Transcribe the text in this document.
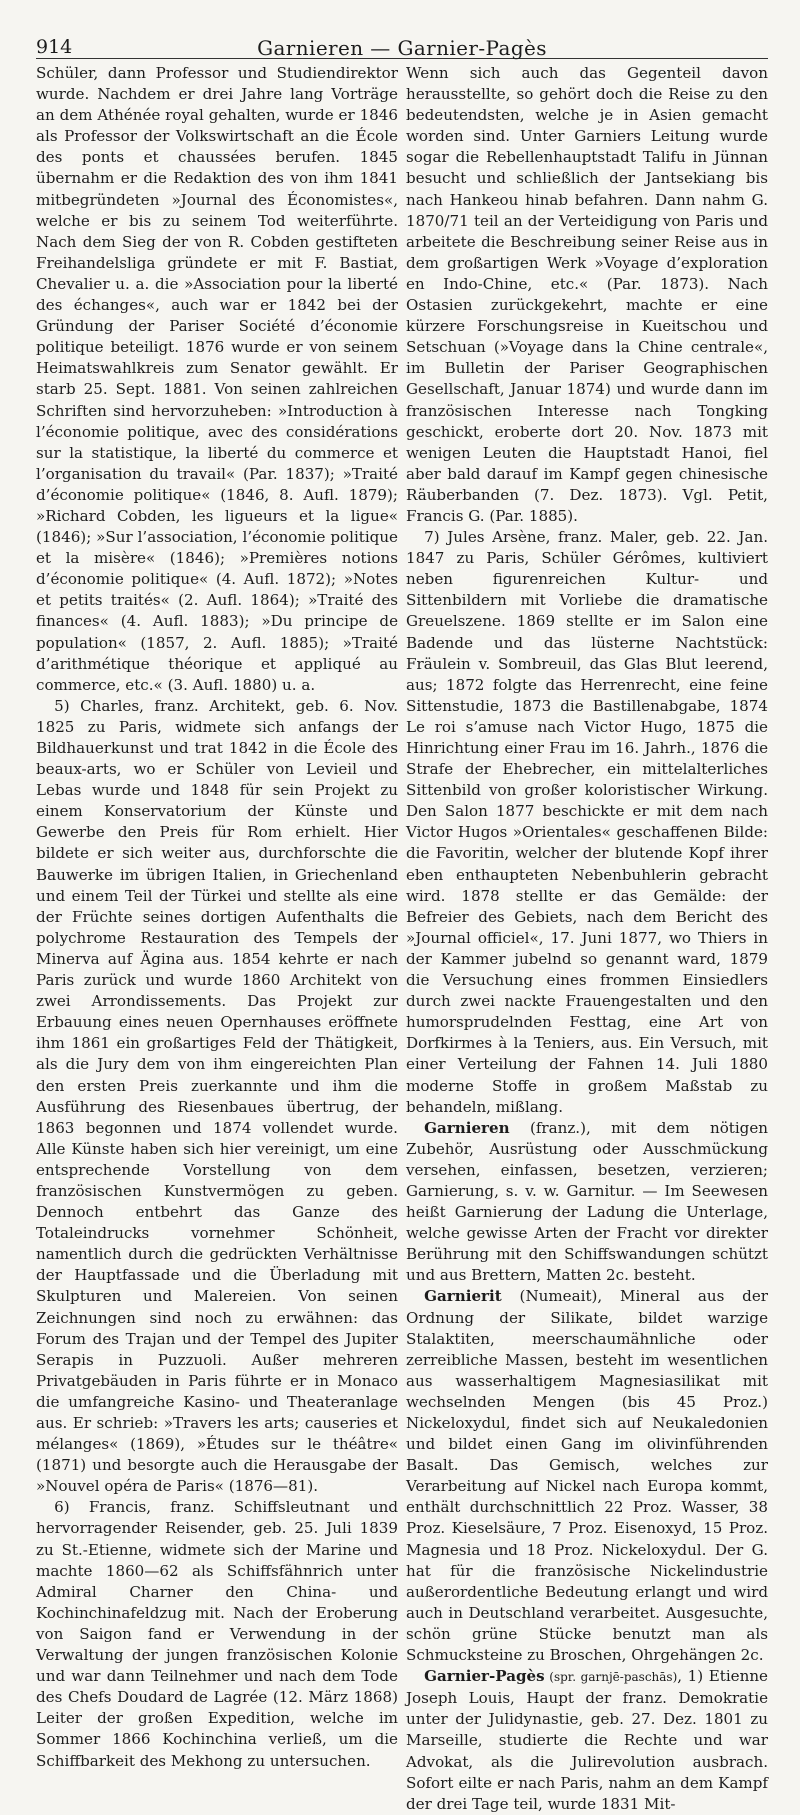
914	Garnieren — Garnier-Pagès

Schüler, dann Professor und Studiendirektor wurde. Nachdem er drei Jahre lang Vorträge an dem Athénée royal gehalten, wurde er 1846 als Professor der Volkswirtschaft an die École des ponts et chaussées berufen. 1845 übernahm er die Redaktion des von ihm 1841 mitbegründeten »Journal des Économistes«, welche er bis zu seinem Tod weiterführte. Nach dem Sieg der von R. Cobden gestifteten Freihandelsliga gründete er mit F. Bastiat, Chevalier u. a. die »Association pour la liberté des échanges«, auch war er 1842 bei der Gründung der Pariser Société d’économie politique beteiligt. 1876 wurde er von seinem Heimatswahlkreis zum Senator gewählt. Er starb 25. Sept. 1881. Von seinen zahlreichen Schriften sind hervorzuheben: »Introduction à l’économie politique, avec des considérations sur la statistique, la liberté du commerce et l’organisation du travail« (Par. 1837); »Traité d’économie politique« (1846, 8. Aufl. 1879); »Richard Cobden, les ligueurs et la ligue« (1846); »Sur l’association, l’économie politique et la misère« (1846); »Premières notions d’économie politique« (4. Aufl. 1872); »Notes et petits traités« (2. Aufl. 1864); »Traité des finances« (4. Aufl. 1883); »Du principe de population« (1857, 2. Aufl. 1885); »Traité d’arithmétique théorique et appliqué au commerce, etc.« (3. Aufl. 1880) u. a.

5) Charles, franz. Architekt, geb. 6. Nov. 1825 zu Paris, widmete sich anfangs der Bildhauerkunst und trat 1842 in die École des beaux-arts, wo er Schüler von Levieil und Lebas wurde und 1848 für sein Projekt zu einem Konservatorium der Künste und Gewerbe den Preis für Rom erhielt. Hier bildete er sich weiter aus, durchforschte die Bauwerke im übrigen Italien, in Griechenland und einem Teil der Türkei und stellte als eine der Früchte seines dortigen Aufenthalts die polychrome Restauration des Tempels der Minerva auf Ägina aus. 1854 kehrte er nach Paris zurück und wurde 1860 Architekt von zwei Arrondissements. Das Projekt zur Erbauung eines neuen Opernhauses eröffnete ihm 1861 ein großartiges Feld der Thätigkeit, als die Jury dem von ihm eingereichten Plan den ersten Preis zuerkannte und ihm die Ausführung des Riesenbaues übertrug, der 1863 begonnen und 1874 vollendet wurde. Alle Künste haben sich hier vereinigt, um eine entsprechende Vorstellung von dem französischen Kunstvermögen zu geben. Dennoch entbehrt das Ganze des Totaleindrucks vornehmer Schönheit, namentlich durch die gedrückten Verhältnisse der Hauptfassade und die Überladung mit Skulpturen und Malereien. Von seinen Zeichnungen sind noch zu erwähnen: das Forum des Trajan und der Tempel des Jupiter Serapis in Puzzuoli. Außer mehreren Privatgebäuden in Paris führte er in Monaco die umfangreiche Kasino- und Theateranlage aus. Er schrieb: »Travers les arts; causeries et mélanges« (1869), »Études sur le théâtre« (1871) und besorgte auch die Herausgabe der »Nouvel opéra de Paris« (1876—81).

6) Francis, franz. Schiffsleutnant und hervorragender Reisender, geb. 25. Juli 1839 zu St.-Etienne, widmete sich der Marine und machte 1860—62 als Schiffsfähnrich unter Admiral Charner den China- und Kochinchinafeldzug mit. Nach der Eroberung von Saigon fand er Verwendung in der Verwaltung der jungen französischen Kolonie und war dann Teilnehmer und nach dem Tode des Chefs Doudard de Lagrée (12. März 1868) Leiter der großen Expedition, welche im Sommer 1866 Kochinchina verließ, um die Schiffbarkeit des Mekhong zu untersuchen.

Wenn sich auch das Gegenteil davon herausstellte, so gehört doch die Reise zu den bedeutendsten, welche je in Asien gemacht worden sind. Unter Garniers Leitung wurde sogar die Rebellenhauptstadt Talifu in Jünnan besucht und schließlich der Jantsekiang bis nach Hankeou hinab befahren. Dann nahm G. 1870/71 teil an der Verteidigung von Paris und arbeitete die Beschreibung seiner Reise aus in dem großartigen Werk »Voyage d’exploration en Indo-Chine, etc.« (Par. 1873). Nach Ostasien zurückgekehrt, machte er eine kürzere Forschungsreise in Kueitschou und Setschuan (»Voyage dans la Chine centrale«, im Bulletin der Pariser Geographischen Gesellschaft, Januar 1874) und wurde dann im französischen Interesse nach Tongking geschickt, eroberte dort 20. Nov. 1873 mit wenigen Leuten die Hauptstadt Hanoi, fiel aber bald darauf im Kampf gegen chinesische Räuberbanden (7. Dez. 1873). Vgl. Petit, Francis G. (Par. 1885).

7) Jules Arsène, franz. Maler, geb. 22. Jan. 1847 zu Paris, Schüler Gérômes, kultiviert neben figurenreichen Kultur- und Sittenbildern mit Vorliebe die dramatische Greuelszene. 1869 stellte er im Salon eine Badende und das lüsterne Nachtstück: Fräulein v. Sombreuil, das Glas Blut leerend, aus; 1872 folgte das Herrenrecht, eine feine Sittenstudie, 1873 die Bastillenabgabe, 1874 Le roi s’amuse nach Victor Hugo, 1875 die Hinrichtung einer Frau im 16. Jahrh., 1876 die Strafe der Ehebrecher, ein mittelalterliches Sittenbild von großer koloristischer Wirkung. Den Salon 1877 beschickte er mit dem nach Victor Hugos »Orientales« geschaffenen Bilde: die Favoritin, welcher der blutende Kopf ihrer eben enthaupteten Nebenbuhlerin gebracht wird. 1878 stellte er das Gemälde: der Befreier des Gebiets, nach dem Bericht des »Journal officiel«, 17. Juni 1877, wo Thiers in der Kammer jubelnd so genannt ward, 1879 die Versuchung eines frommen Einsiedlers durch zwei nackte Frauengestalten und den humorsprudelnden Festtag, eine Art von Dorfkirmes à la Teniers, aus. Ein Versuch, mit einer Verteilung der Fahnen 14. Juli 1880 moderne Stoffe in großem Maßstab zu behandeln, mißlang.

Garnieren (franz.), mit dem nötigen Zubehör, Ausrüstung oder Ausschmückung versehen, einfassen, besetzen, verzieren; Garnierung, s. v. w. Garnitur. — Im Seewesen heißt Garnierung der Ladung die Unterlage, welche gewisse Arten der Fracht vor direkter Berührung mit den Schiffswandungen schützt und aus Brettern, Matten 2c. besteht.

Garnierit (Numeait), Mineral aus der Ordnung der Silikate, bildet warzige Stalaktiten, meerschaumähnliche oder zerreibliche Massen, besteht im wesentlichen aus wasserhaltigem Magnesiasilikat mit wechselnden Mengen (bis 45 Proz.) Nickeloxydul, findet sich auf Neukaledonien und bildet einen Gang im olivinführenden Basalt. Das Gemisch, welches zur Verarbeitung auf Nickel nach Europa kommt, enthält durchschnittlich 22 Proz. Wasser, 38 Proz. Kieselsäure, 7 Proz. Eisenoxyd, 15 Proz. Magnesia und 18 Proz. Nickeloxydul. Der G. hat für die französische Nickelindustrie außerordentliche Bedeutung erlangt und wird auch in Deutschland verarbeitet. Ausgesuchte, schön grüne Stücke benutzt man als Schmucksteine zu Broschen, Ohrgehängen 2c.

Garnier-Pagès (spr. garnjē-paschās), 1) Etienne Joseph Louis, Haupt der franz. Demokratie unter der Julidynastie, geb. 27. Dez. 1801 zu Marseille, studierte die Rechte und war Advokat, als die Julirevolution ausbrach. Sofort eilte er nach Paris, nahm an dem Kampf der drei Tage teil, wurde 1831 Mit-
